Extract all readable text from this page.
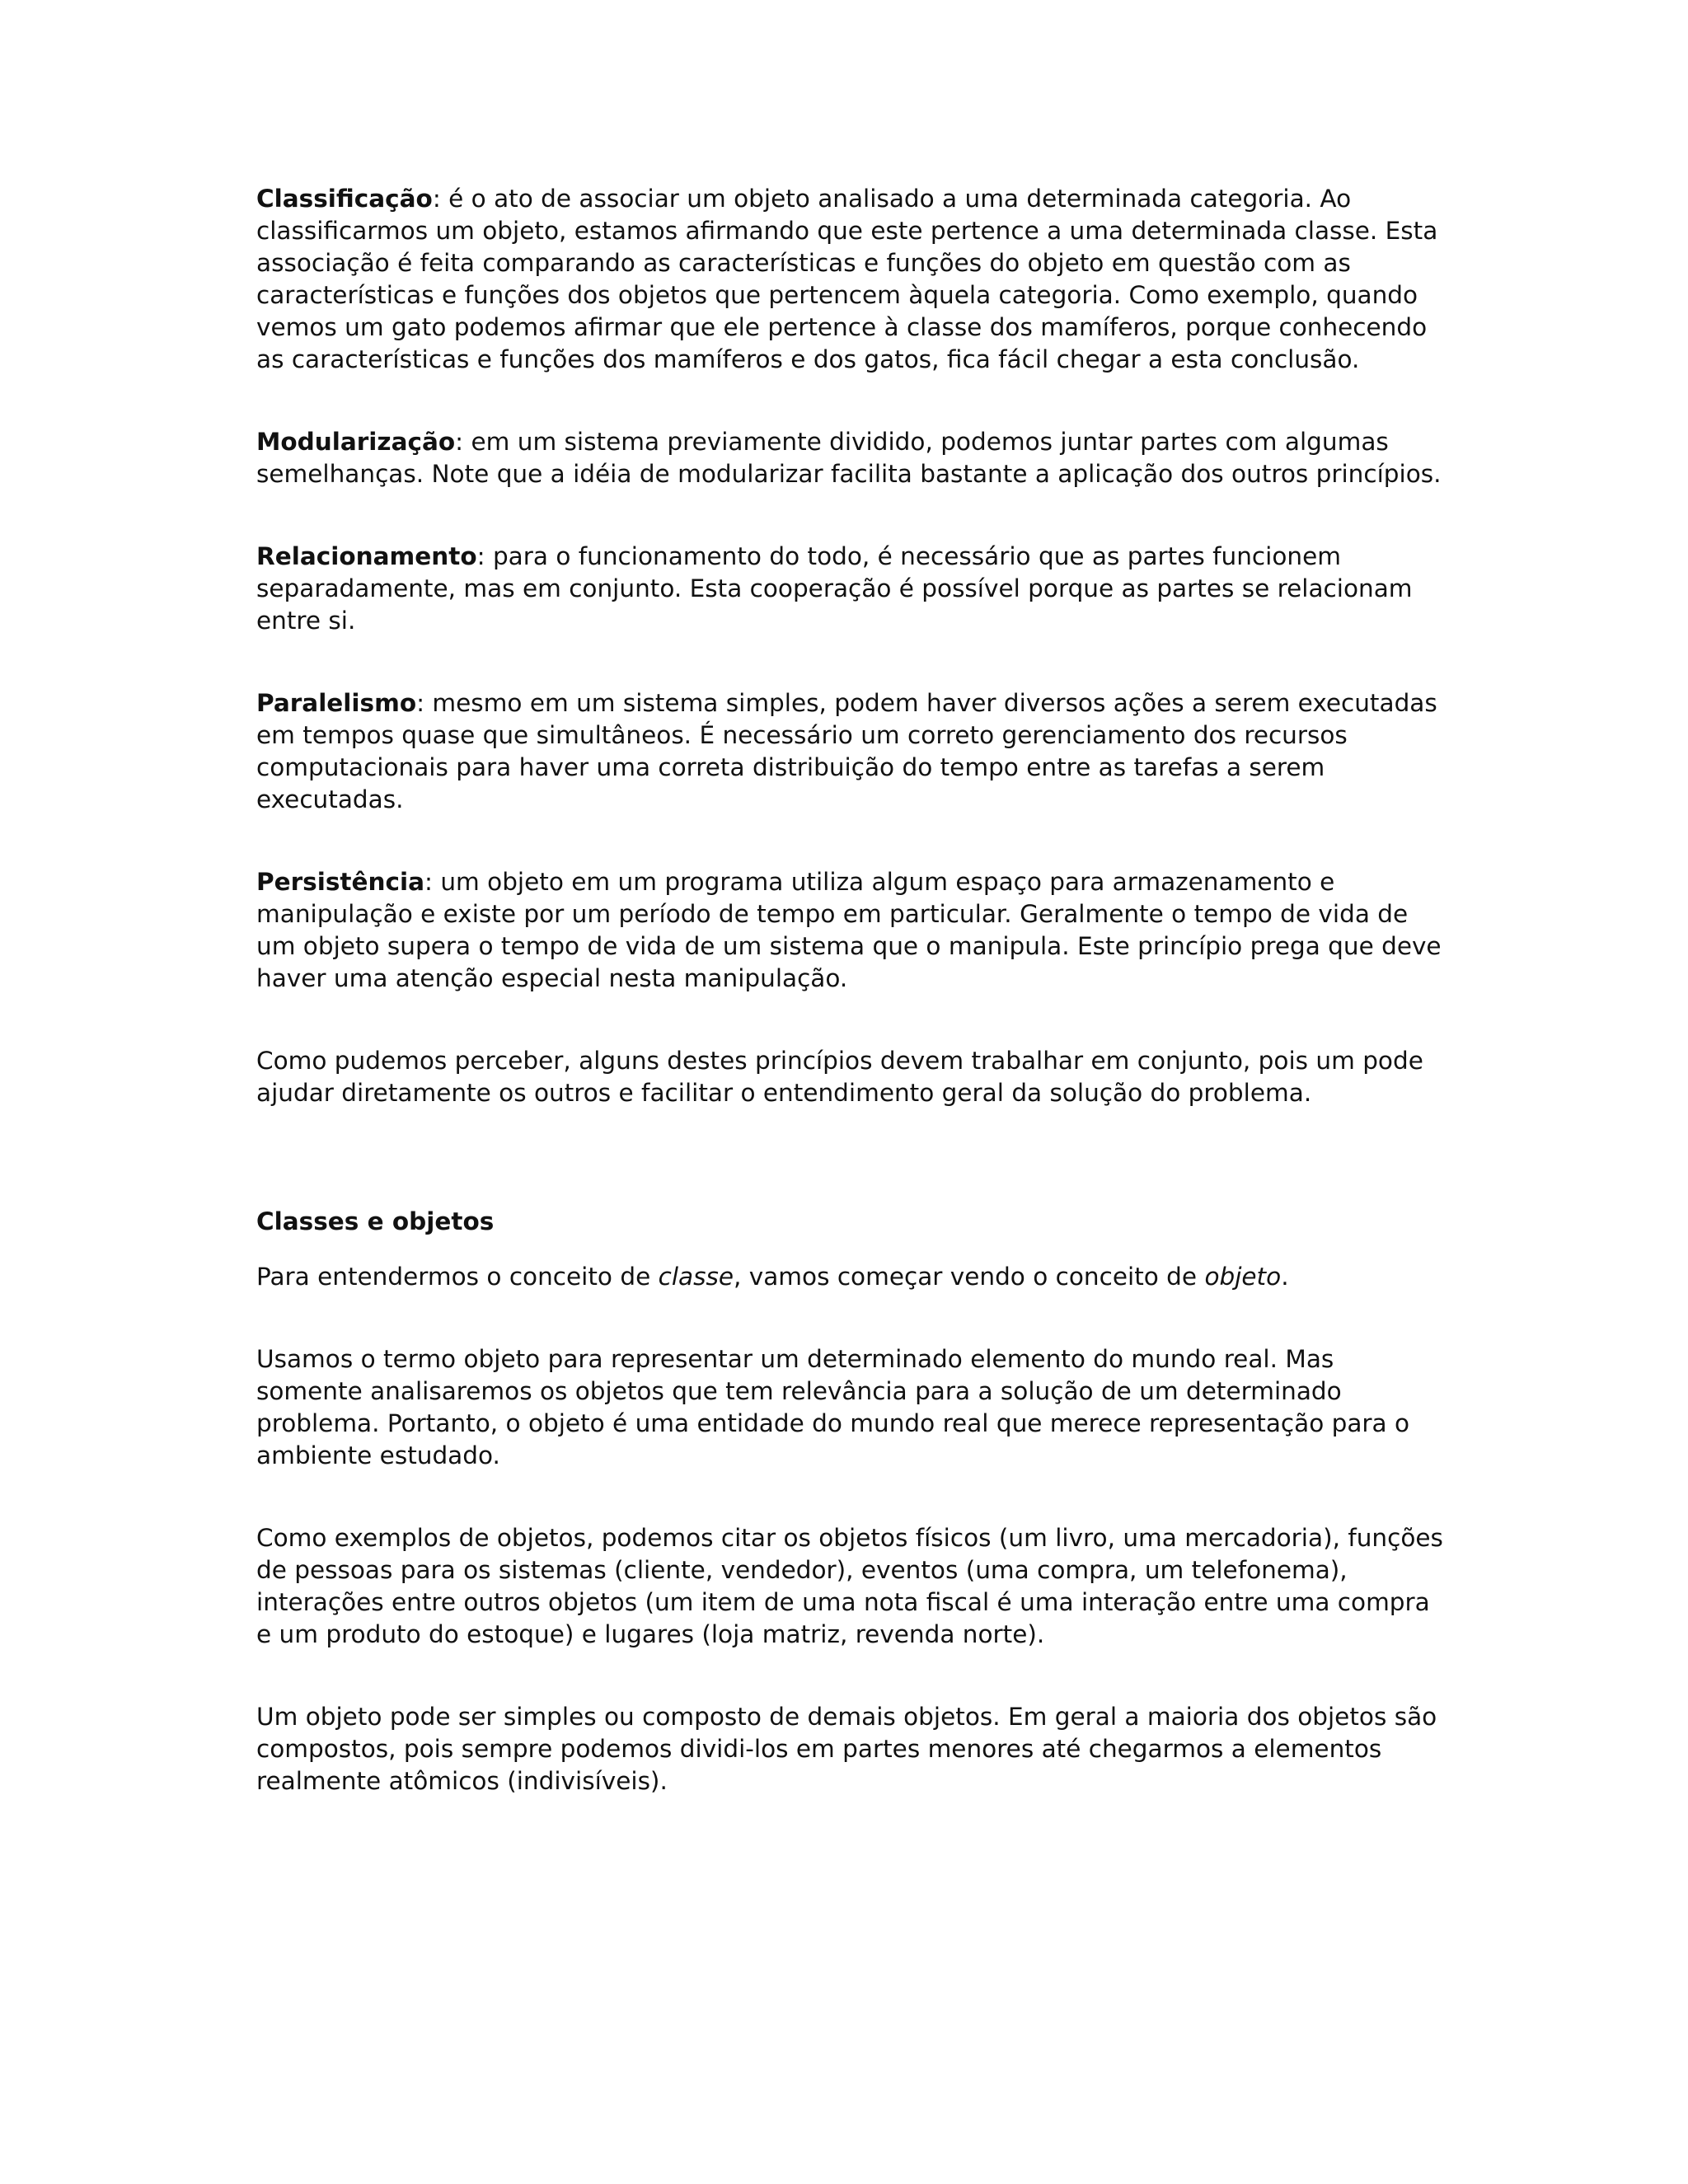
Classificação: é o ato de associar um objeto analisado a uma determinada categoria. Ao classificarmos um objeto, estamos afirmando que este pertence a uma determinada classe. Esta associação é feita comparando as características e funções do objeto em questão com as características e funções dos objetos que pertencem àquela categoria. Como exemplo, quando vemos um gato podemos afirmar que ele pertence à classe dos mamíferos, porque conhecendo as características e funções dos mamíferos e dos gatos, fica fácil chegar a esta conclusão.

Modularização: em um sistema previamente dividido, podemos juntar partes com algumas semelhanças. Note que a idéia de modularizar facilita bastante a aplicação dos outros princípios.

Relacionamento: para o funcionamento do todo, é necessário que as partes funcionem separadamente, mas em conjunto. Esta cooperação é possível porque as partes se relacionam entre si.

Paralelismo: mesmo em um sistema simples, podem haver diversos ações a serem executadas em tempos quase que simultâneos. É necessário um correto gerenciamento dos recursos computacionais para haver uma correta distribuição do tempo entre as tarefas a serem executadas.

Persistência: um objeto em um programa utiliza algum espaço para armazenamento e manipulação e existe por um período de tempo em particular. Geralmente o tempo de vida de um objeto supera o tempo de vida de um sistema que o manipula. Este princípio prega que deve haver uma atenção especial nesta manipulação.

Como pudemos perceber, alguns destes princípios devem trabalhar em conjunto, pois um pode ajudar diretamente os outros e facilitar o entendimento geral da solução do problema.

Classes e objetos

Para entendermos o conceito de classe, vamos começar vendo o conceito de objeto.

Usamos o termo objeto para representar um determinado elemento do mundo real. Mas somente analisaremos os objetos que tem relevância para a solução de um determinado problema. Portanto, o objeto é uma entidade do mundo real que merece representação para o ambiente estudado.

Como exemplos de objetos, podemos citar os objetos físicos (um livro, uma mercadoria), funções de pessoas para os sistemas (cliente, vendedor), eventos (uma compra, um telefonema), interações entre outros objetos (um item de uma nota fiscal é uma interação entre uma compra e um produto do estoque) e lugares (loja matriz, revenda norte).

Um objeto pode ser simples ou composto de demais objetos. Em geral a maioria dos objetos são compostos, pois sempre podemos dividi-los em partes menores até chegarmos a elementos realmente atômicos (indivisíveis).
